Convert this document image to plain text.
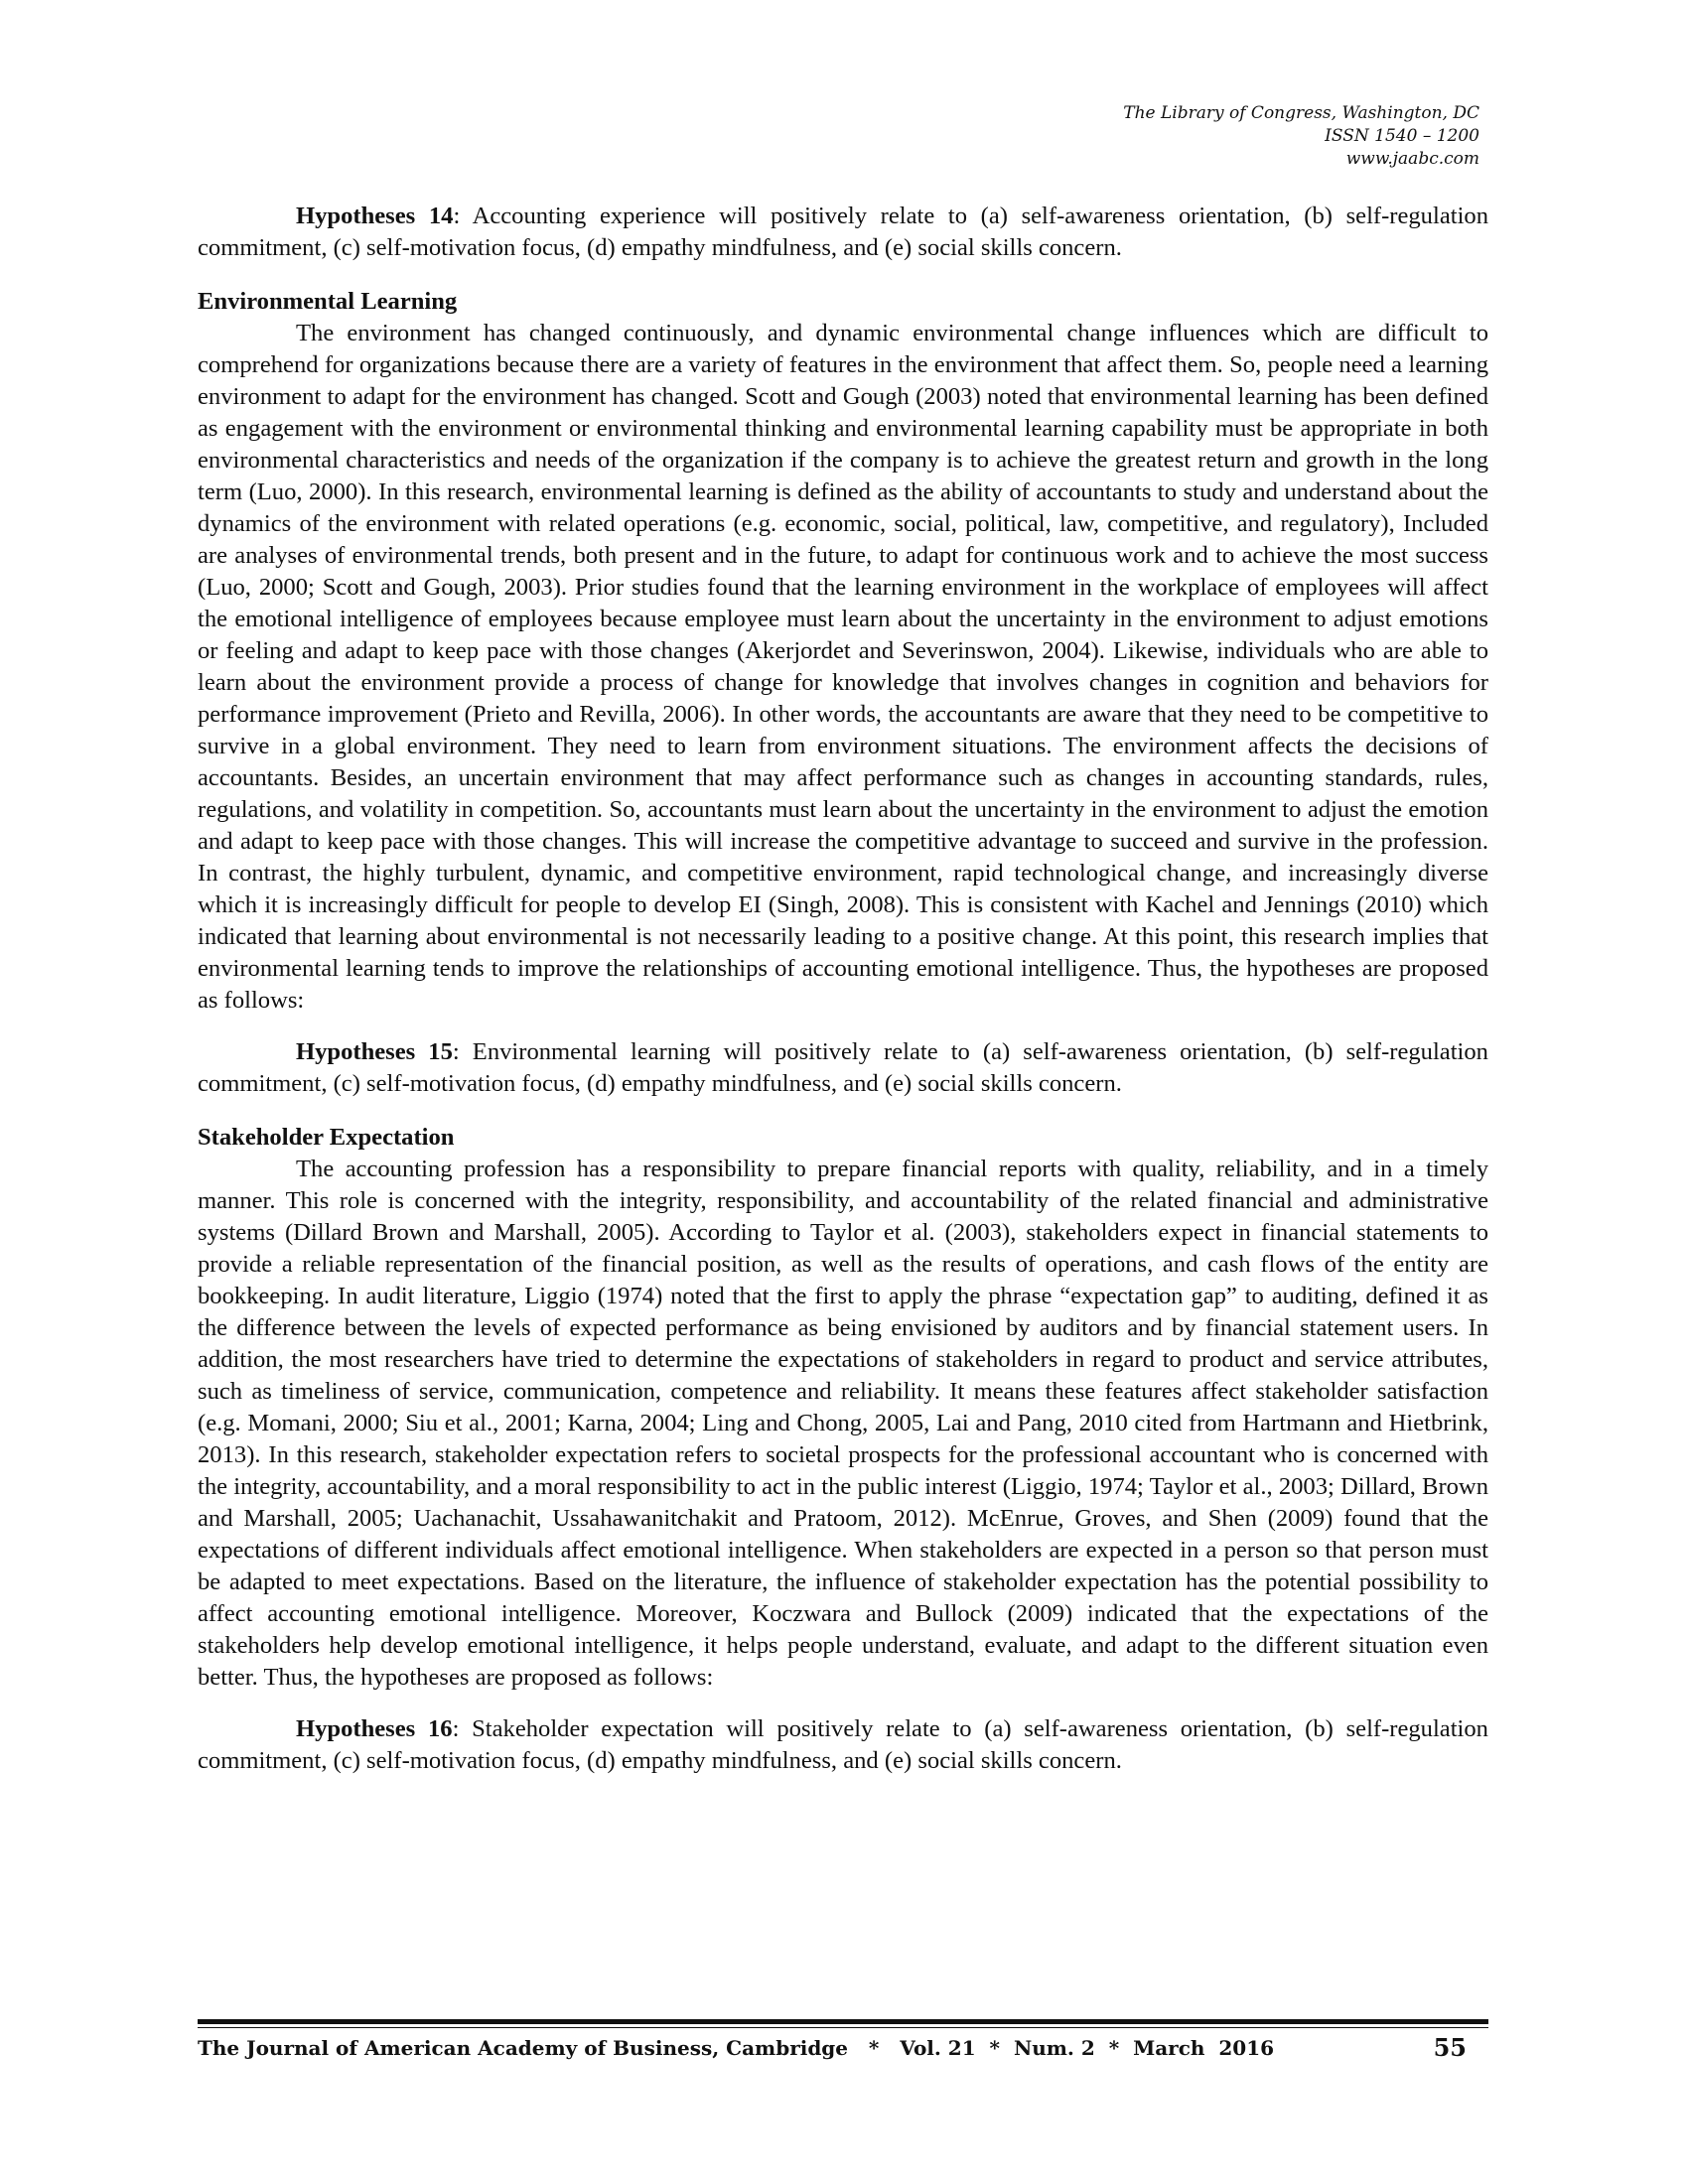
The Library of Congress, Washington, DC
ISSN 1540 – 1200
www.jaabc.com

Hypotheses 14: Accounting experience will positively relate to (a) self-awareness orientation, (b) self-regulation commitment, (c) self-motivation focus, (d) empathy mindfulness, and (e) social skills concern.

Environmental Learning

The environment has changed continuously, and dynamic environmental change influences which are difficult to comprehend for organizations because there are a variety of features in the environment that affect them. So, people need a learning environment to adapt for the environment has changed. Scott and Gough (2003) noted that environmental learning has been defined as engagement with the environment or environmental thinking and environmental learning capability must be appropriate in both environmental characteristics and needs of the organization if the company is to achieve the greatest return and growth in the long term (Luo, 2000). In this research, environmental learning is defined as the ability of accountants to study and understand about the dynamics of the environment with related operations (e.g. economic, social, political, law, competitive, and regulatory), Included are analyses of environmental trends, both present and in the future, to adapt for continuous work and to achieve the most success (Luo, 2000; Scott and Gough, 2003). Prior studies found that the learning environment in the workplace of employees will affect the emotional intelligence of employees because employee must learn about the uncertainty in the environment to adjust emotions or feeling and adapt to keep pace with those changes (Akerjordet and Severinswon, 2004). Likewise, individuals who are able to learn about the environment provide a process of change for knowledge that involves changes in cognition and behaviors for performance improvement (Prieto and Revilla, 2006). In other words, the accountants are aware that they need to be competitive to survive in a global environment. They need to learn from environment situations. The environment affects the decisions of accountants. Besides, an uncertain environment that may affect performance such as changes in accounting standards, rules, regulations, and volatility in competition. So, accountants must learn about the uncertainty in the environment to adjust the emotion and adapt to keep pace with those changes. This will increase the competitive advantage to succeed and survive in the profession. In contrast, the highly turbulent, dynamic, and competitive environment, rapid technological change, and increasingly diverse which it is increasingly difficult for people to develop EI (Singh, 2008). This is consistent with Kachel and Jennings (2010) which indicated that learning about environmental is not necessarily leading to a positive change. At this point, this research implies that environmental learning tends to improve the relationships of accounting emotional intelligence. Thus, the hypotheses are proposed as follows:

Hypotheses 15: Environmental learning will positively relate to (a) self-awareness orientation, (b) self-regulation commitment, (c) self-motivation focus, (d) empathy mindfulness, and (e) social skills concern.

Stakeholder Expectation

The accounting profession has a responsibility to prepare financial reports with quality, reliability, and in a timely manner. This role is concerned with the integrity, responsibility, and accountability of the related financial and administrative systems (Dillard Brown and Marshall, 2005). According to Taylor et al. (2003), stakeholders expect in financial statements to provide a reliable representation of the financial position, as well as the results of operations, and cash flows of the entity are bookkeeping. In audit literature, Liggio (1974) noted that the first to apply the phrase “expectation gap” to auditing, defined it as the difference between the levels of expected performance as being envisioned by auditors and by financial statement users. In addition, the most researchers have tried to determine the expectations of stakeholders in regard to product and service attributes, such as timeliness of service, communication, competence and reliability. It means these features affect stakeholder satisfaction (e.g. Momani, 2000; Siu et al., 2001; Karna, 2004; Ling and Chong, 2005, Lai and Pang, 2010 cited from Hartmann and Hietbrink, 2013). In this research, stakeholder expectation refers to societal prospects for the professional accountant who is concerned with the integrity, accountability, and a moral responsibility to act in the public interest (Liggio, 1974; Taylor et al., 2003; Dillard, Brown and Marshall, 2005; Uachanachit, Ussahawanitchakit and Pratoom, 2012). McEnrue, Groves, and Shen (2009) found that the expectations of different individuals affect emotional intelligence. When stakeholders are expected in a person so that person must be adapted to meet expectations. Based on the literature, the influence of stakeholder expectation has the potential possibility to affect accounting emotional intelligence. Moreover, Koczwara and Bullock (2009) indicated that the expectations of the stakeholders help develop emotional intelligence, it helps people understand, evaluate, and adapt to the different situation even better. Thus, the hypotheses are proposed as follows:

Hypotheses 16: Stakeholder expectation will positively relate to (a) self-awareness orientation, (b) self-regulation commitment, (c) self-motivation focus, (d) empathy mindfulness, and (e) social skills concern.

The Journal of American Academy of Business, Cambridge   *   Vol. 21  *  Num. 2  *  March  2016	55
